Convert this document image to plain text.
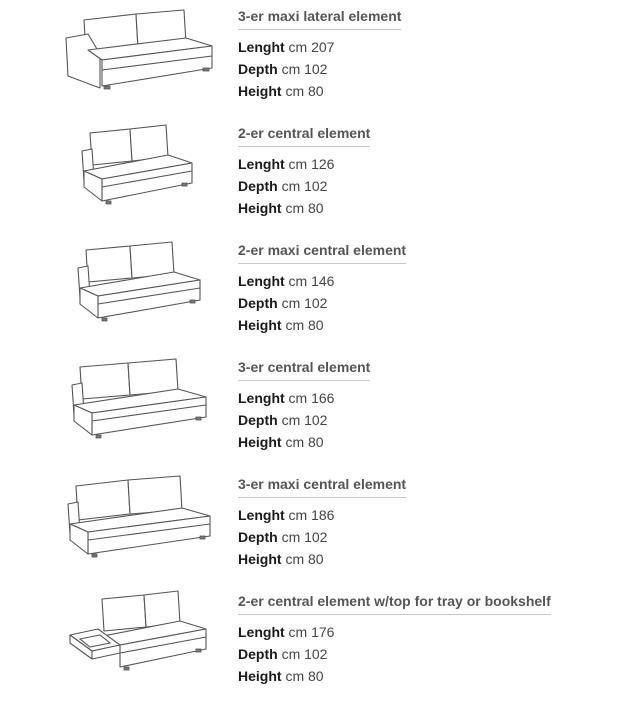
3-er maxi lateral element
Lenght cm 207
Depth cm 102
Height cm 80
2-er central element
Lenght cm 126
Depth cm 102
Height cm 80
2-er maxi central element
Lenght cm 146
Depth cm 102
Height cm 80
3-er central element
Lenght cm 166
Depth cm 102
Height cm 80
3-er maxi central element
Lenght cm 186
Depth cm 102
Height cm 80
2-er central element w/top for tray or bookshelf
Lenght cm 176
Depth cm 102
Height cm 80
